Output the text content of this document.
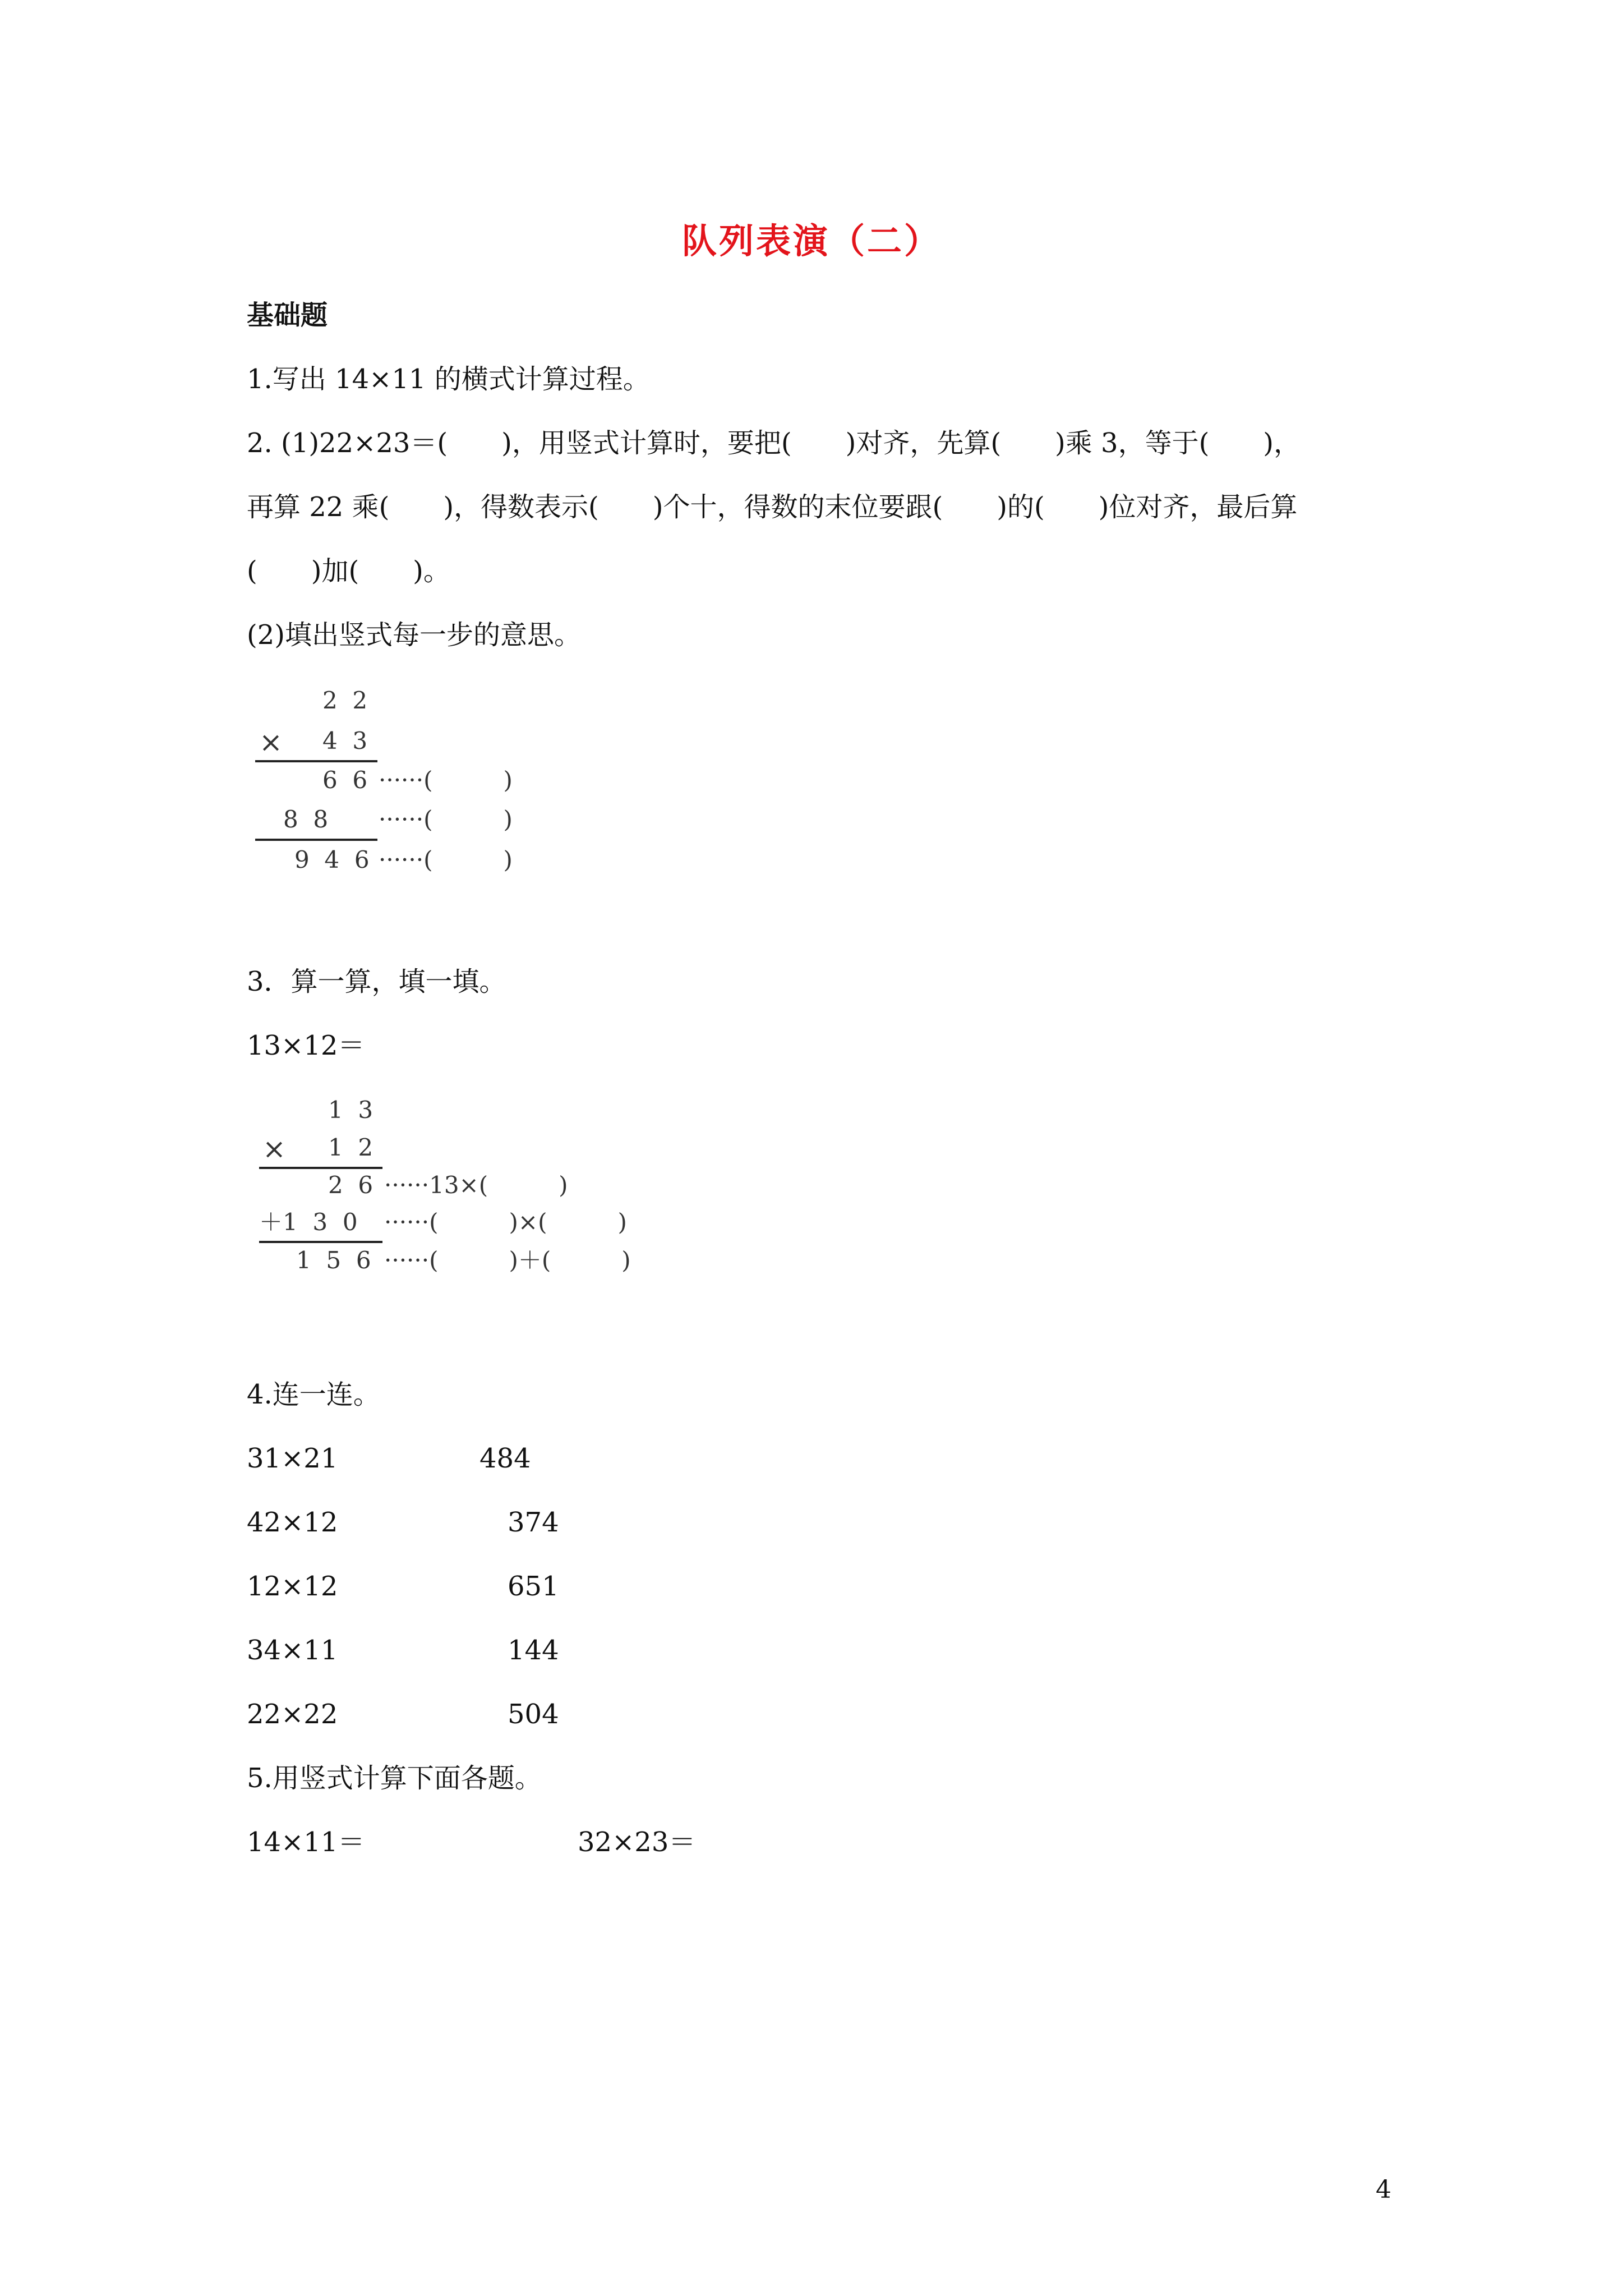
队列表演（二）
基础题
1.写出 14×11 的横式计算过程。
2. (1)22×23＝(　　)，用竖式计算时，要把(　　)对齐，先算(　　)乘 3，等于(　　)，
再算 22 乘(　　)，得数表示(　　)个十，得数的末位要跟(　　)的(　　)位对齐，最后算
(　　)加(　　)。
(2)填出竖式每一步的意思。
2  2
× 4  3
6  6 ······(　　　)
8  8 ······(　　　)
9  4  6 ······(　　　)
3．算一算，填一填。
13×12＝
1  3
× 1  2
2  6 ······13×(　　　)
＋1  3  0 ······(　　　)×(　　　)
1  5  6 ······(　　　)＋(　　　)
4.连一连。
31×21	484
42×12	374
12×12	651
34×11	144
22×22	504
5.用竖式计算下面各题。
14×11＝	32×23＝
4
